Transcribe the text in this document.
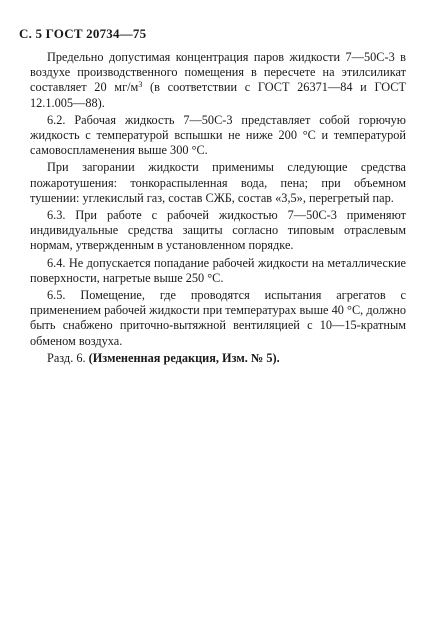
С. 5 ГОСТ 20734—75

Предельно допустимая концентрация паров жидкости 7—50С-3 в воздухе производственного помещения в пересчете на этилсиликат составляет 20 $мг/м^3$ (в соответствии с ГОСТ 26371—84 и ГОСТ 12.1.005—88).

6.2. Рабочая жидкость 7—50С-3 представляет собой горючую жидкость с температурой вспышки не ниже 200 °С и температурой самовоспламенения выше 300 °С.

При загорании жидкости применимы следующие средства пожаротушения: тонкораспыленная вода, пена; при объемном тушении: углекислый газ, состав СЖБ, состав «3,5», перегретый пар.

6.3. При работе с рабочей жидкостью 7—50С-3 применяют индивидуальные средства защиты согласно типовым отраслевым нормам, утвержденным в установленном порядке.

6.4. Не допускается попадание рабочей жидкости на металлические поверхности, нагретые выше 250 °С.

6.5. Помещение, где проводятся испытания агрегатов с применением рабочей жидкости при температурах выше 40 °С, должно быть снабжено приточно-вытяжной вентиляцией с 10—15-кратным обменом воздуха.

Разд. 6. (Измененная редакция, Изм. № 5).
